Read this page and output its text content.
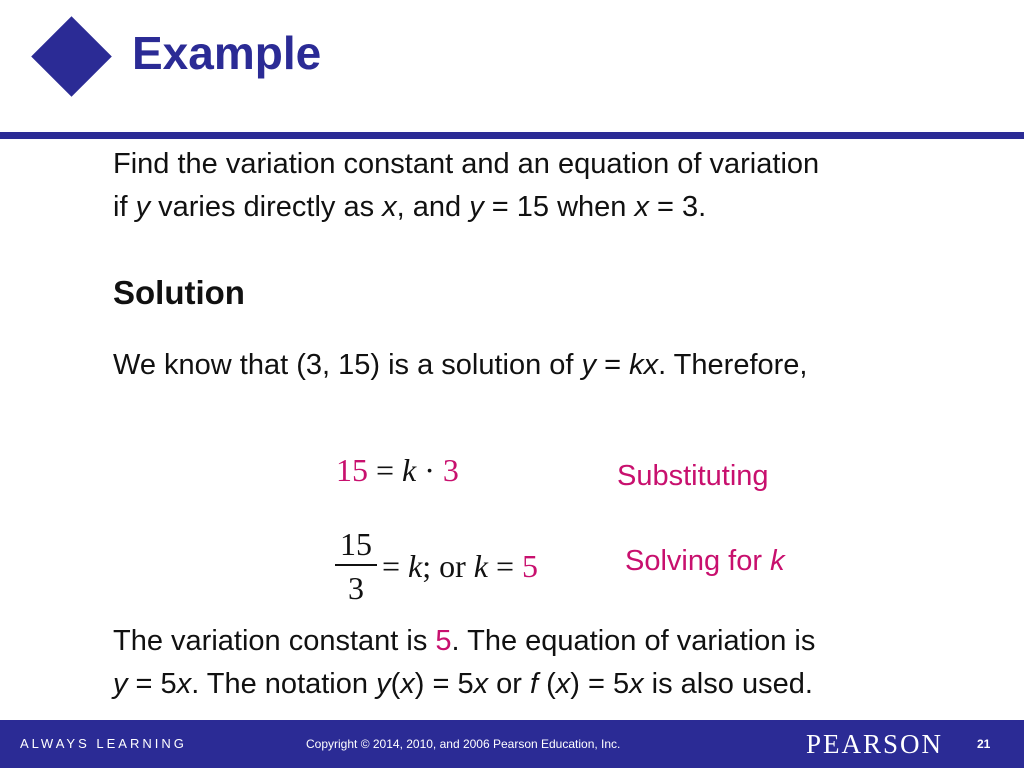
Example
Find the variation constant and an equation of variation
if y varies directly as x, and y = 15 when x = 3.
Solution
We know that (3, 15) is a solution of y = kx. Therefore,
15 = k · 3	Substituting
15
3
= k; or k = 5	Solving for k
The variation constant is 5. The equation of variation is
y = 5x. The notation y(x) = 5x or f (x) = 5x is also used.
ALWAYS LEARNING	Copyright © 2014, 2010, and 2006 Pearson Education, Inc.	PEARSON	21
